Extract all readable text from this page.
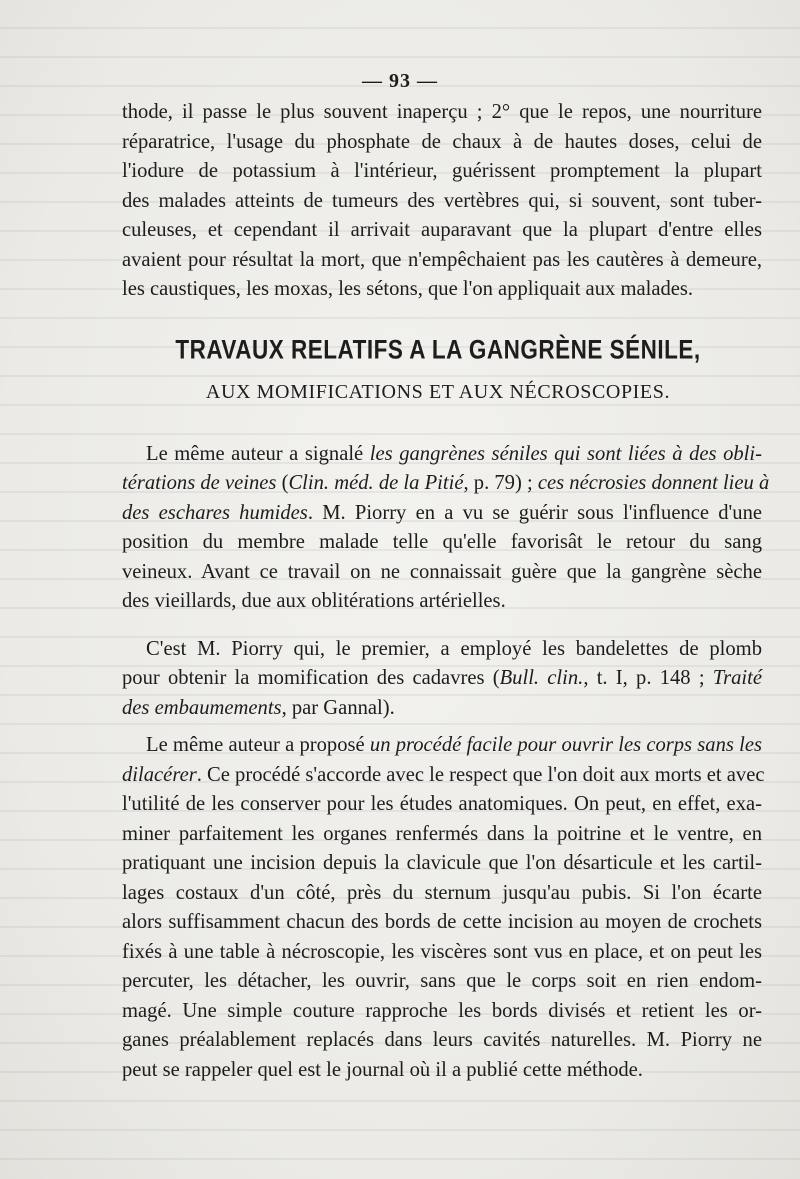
— 93 —

thode, il passe le plus souvent inaperçu ; 2° que le repos, une nourriture
réparatrice, l'usage du phosphate de chaux à de hautes doses, celui de
l'iodure de potassium à l'intérieur, guérissent promptement la plupart
des malades atteints de tumeurs des vertèbres qui, si souvent, sont tuber-
culeuses, et cependant il arrivait auparavant que la plupart d'entre elles
avaient pour résultat la mort, que n'empêchaient pas les cautères à demeure,
les caustiques, les moxas, les sétons, que l'on appliquait aux malades.

TRAVAUX RELATIFS A LA GANGRÈNE SÉNILE,
AUX MOMIFICATIONS ET AUX NÉCROSCOPIES.

Le même auteur a signalé les gangrènes séniles qui sont liées à des obli-
térations de veines (Clin. méd. de la Pitié, p. 79) ; ces nécrosies donnent lieu à
des eschares humides. M. Piorry en a vu se guérir sous l'influence d'une
position du membre malade telle qu'elle favorisât le retour du sang
veineux. Avant ce travail on ne connaissait guère que la gangrène sèche
des vieillards, due aux oblitérations artérielles.

C'est M. Piorry qui, le premier, a employé les bandelettes de plomb
pour obtenir la momification des cadavres (Bull. clin., t. I, p. 148 ; Traité
des embaumements, par Gannal).

Le même auteur a proposé un procédé facile pour ouvrir les corps sans les
dilacérer. Ce procédé s'accorde avec le respect que l'on doit aux morts et avec
l'utilité de les conserver pour les études anatomiques. On peut, en effet, exa-
miner parfaitement les organes renfermés dans la poitrine et le ventre, en
pratiquant une incision depuis la clavicule que l'on désarticule et les cartil-
lages costaux d'un côté, près du sternum jusqu'au pubis. Si l'on écarte
alors suffisamment chacun des bords de cette incision au moyen de crochets
fixés à une table à nécroscopie, les viscères sont vus en place, et on peut les
percuter, les détacher, les ouvrir, sans que le corps soit en rien endom-
magé. Une simple couture rapproche les bords divisés et retient les or-
ganes préalablement replacés dans leurs cavités naturelles. M. Piorry ne
peut se rappeler quel est le journal où il a publié cette méthode.
